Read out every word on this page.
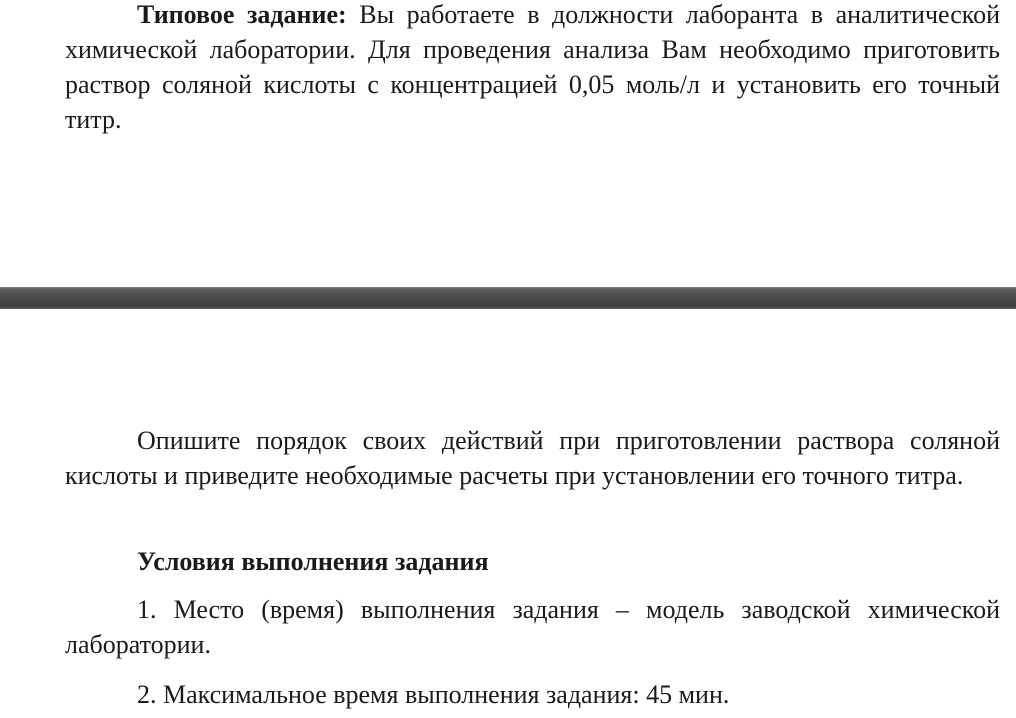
Типовое задание: Вы работаете в должности лаборанта в аналитической химической лаборатории. Для проведения анализа Вам необходимо приготовить раствор соляной кислоты с концентрацией 0,05 моль/л и установить его точный титр.

Опишите порядок своих действий при приготовлении раствора соляной кислоты и приведите необходимые расчеты при установлении его точного титра.

Условия выполнения задания

1. Место (время) выполнения задания – модель заводской химической лаборатории.

2. Максимальное время выполнения задания: 45 мин.
